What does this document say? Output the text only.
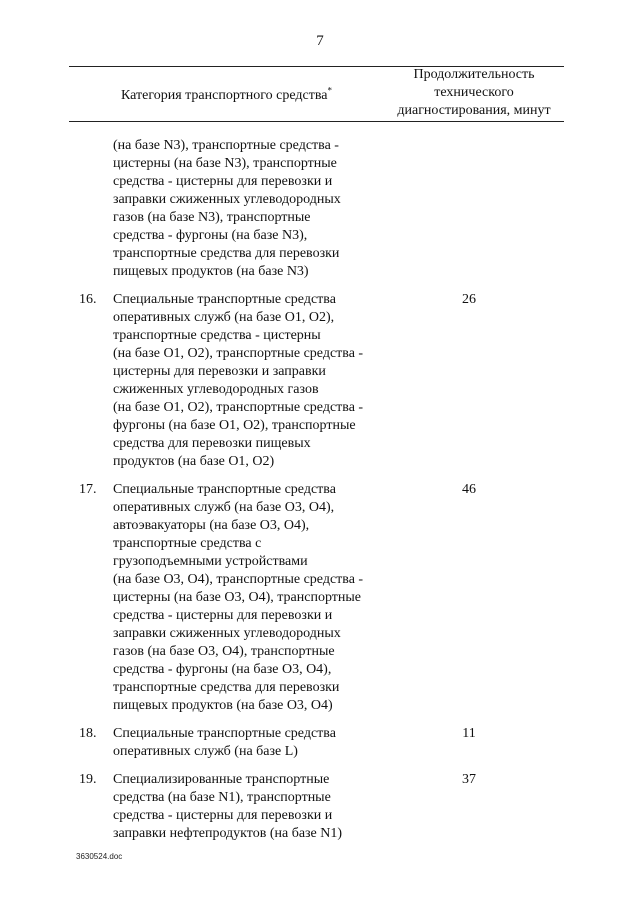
7
Категория транспортного средства*
Продолжительность
технического
диагностирования, минут
(на базе N3), транспортные средства -
цистерны (на базе N3), транспортные
средства - цистерны для перевозки и
заправки сжиженных углеводородных
газов (на базе N3), транспортные
средства - фургоны (на базе N3),
транспортные средства для перевозки
пищевых продуктов (на базе N3)
16.	Специальные транспортные средства
оперативных служб (на базе O1, O2),
транспортные средства - цистерны
(на базе O1, O2), транспортные средства -
цистерны для перевозки и заправки
сжиженных углеводородных газов
(на базе O1, O2), транспортные средства -
фургоны (на базе O1, O2), транспортные
средства для перевозки пищевых
продуктов (на базе O1, O2)
26
17.	Специальные транспортные средства
оперативных служб (на базе O3, O4),
автоэвакуаторы (на базе O3, O4),
транспортные средства с
грузоподъемными устройствами
(на базе O3, O4), транспортные средства -
цистерны (на базе O3, O4), транспортные
средства - цистерны для перевозки и
заправки сжиженных углеводородных
газов (на базе O3, O4), транспортные
средства - фургоны (на базе O3, O4),
транспортные средства для перевозки
пищевых продуктов (на базе O3, O4)
46
18.	Специальные транспортные средства
оперативных служб (на базе L)
11
19.	Специализированные транспортные
средства (на базе N1), транспортные
средства - цистерны для перевозки и
заправки нефтепродуктов (на базе N1)
37
3630524.doc
